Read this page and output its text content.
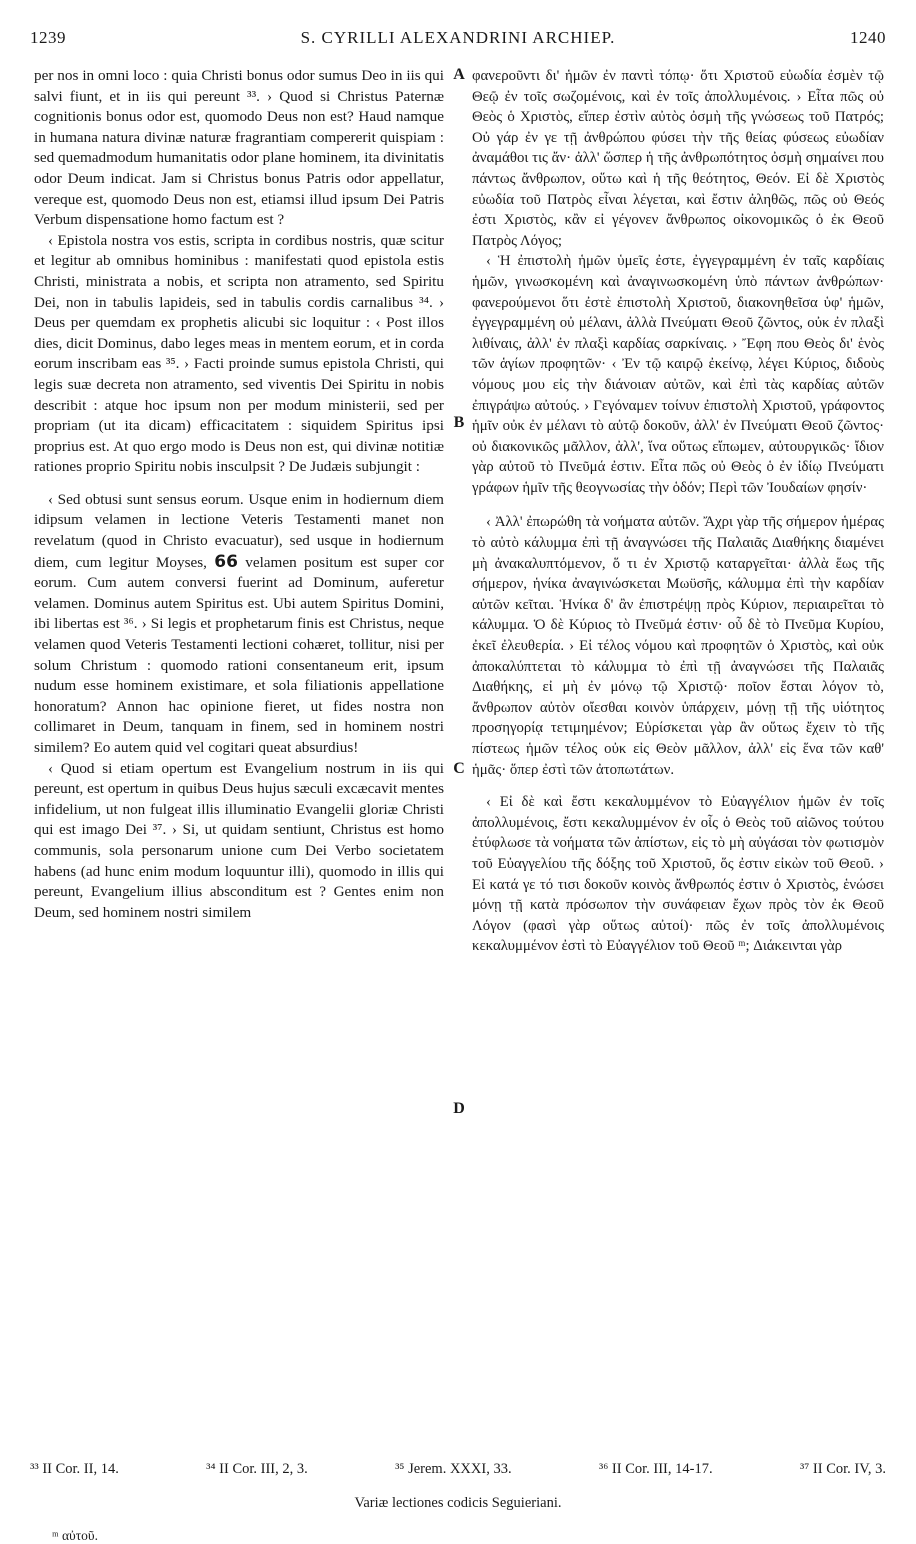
1239	S. CYRILLI ALEXANDRINI ARCHIEP.	1240

per nos in omni loco : quia Christi bonus odor sumus Deo in iis qui salvi fiunt, et in iis qui pereunt ³³. › Quod si Christus Paternæ cognitionis bonus odor est, quomodo Deus non est? Haud namque in humana natura divinæ naturæ fragrantiam compererit quispiam : sed quemadmodum humanitatis odor plane hominem, ita divinitatis odor Deum indicat. Jam si Christus bonus Patris odor appellatur, vereque est, quomodo Deus non est, etiamsi illud ipsum Dei Patris Verbum dispensatione homo factum est ?

‹ Epistola nostra vos estis, scripta in cordibus nostris, quæ scitur et legitur ab omnibus hominibus : manifestati quod epistola estis Christi, ministrata a nobis, et scripta non atramento, sed Spiritu Dei, non in tabulis lapideis, sed in tabulis cordis carnalibus ³⁴. › Deus per quemdam ex prophetis alicubi sic loquitur : ‹ Post illos dies, dicit Dominus, dabo leges meas in mentem eorum, et in corda eorum inscribam eas ³⁵. › Facti proinde sumus epistola Christi, qui legis suæ decreta non atramento, sed viventis Dei Spiritu in nobis describit : atque hoc ipsum non per modum ministerii, sed per propriam (ut ita dicam) efficacitatem : siquidem Spiritus ipsi proprius est. At quo ergo modo is Deus non est, qui divinæ notitiæ rationes proprio Spiritu nobis insculpsit ? De Judæis subjungit :

‹ Sed obtusi sunt sensus eorum. Usque enim in hodiernum diem idipsum velamen in lectione Veteris Testamenti manet non revelatum (quod in Christo evacuatur), sed usque in hodiernum diem, cum legitur Moyses, 66 velamen positum est super cor eorum. Cum autem conversi fuerint ad Dominum, auferetur velamen. Dominus autem Spiritus est. Ubi autem Spiritus Domini, ibi libertas est ³⁶. › Si legis et prophetarum finis est Christus, neque velamen quod Veteris Testamenti lectioni cohæret, tollitur, nisi per solum Christum : quomodo rationi consentaneum erit, ipsum nudum esse hominem existimare, et sola filiationis appellatione honoratum? Annon hac opinione fieret, ut fides nostra non collimaret in Deum, tanquam in finem, sed in hominem nostri similem? Eo autem quid vel cogitari queat absurdius!

‹ Quod si etiam opertum est Evangelium nostrum in iis qui pereunt, est opertum in quibus Deus hujus sæculi excæcavit mentes infidelium, ut non fulgeat illis illuminatio Evangelii gloriæ Christi qui est imago Dei ³⁷. › Si, ut quidam sentiunt, Christus est homo communis, sola personarum unione cum Dei Verbo societatem habens (ad hunc enim modum loquuntur illi), quomodo in illis qui pereunt, Evangelium illius absconditum est ? Gentes enim non Deum, sed hominem nostri similem

φανεροῦντι δι' ἡμῶν ἐν παντὶ τόπῳ· ὅτι Χριστοῦ εὐωδία ἐσμὲν τῷ Θεῷ ἐν τοῖς σωζομένοις, καὶ ἐν τοῖς ἀπολλυμένοις. › Εἶτα πῶς οὐ Θεὸς ὁ Χριστὸς, εἴπερ ἐστὶν αὐτὸς ὀσμὴ τῆς γνώσεως τοῦ Πατρός; Οὐ γάρ ἐν γε τῇ ἀνθρώπου φύσει τὴν τῆς θείας φύσεως εὐωδίαν ἀναμάθοι τις ἄν· ἀλλ' ὥσπερ ἡ τῆς ἀνθρωπότητος ὀσμὴ σημαίνει που πάντως ἄνθρωπον, οὕτω καὶ ἡ τῆς θεότητος, Θεόν. Εἰ δὲ Χριστὸς εὐωδία τοῦ Πατρὸς εἶναι λέγεται, καὶ ἔστιν ἀληθῶς, πῶς οὐ Θεός ἐστι Χριστὸς, κἂν εἰ γέγονεν ἄνθρωπος οἰκονομικῶς ὁ ἐκ Θεοῦ Πατρὸς Λόγος;

‹ Ἡ ἐπιστολὴ ἡμῶν ὑμεῖς ἐστε, ἐγγεγραμμένη ἐν ταῖς καρδίαις ἡμῶν, γινωσκομένη καὶ ἀναγινωσκομένη ὑπὸ πάντων ἀνθρώπων· φανερούμενοι ὅτι ἐστὲ ἐπιστολὴ Χριστοῦ, διακονηθεῖσα ὑφ' ἡμῶν, ἐγγεγραμμένη οὐ μέλανι, ἀλλὰ Πνεύματι Θεοῦ ζῶντος, οὐκ ἐν πλαξὶ λιθίναις, ἀλλ' ἐν πλαξὶ καρδίας σαρκίναις. › Ἔφη που Θεὸς δι' ἑνὸς τῶν ἁγίων προφητῶν· ‹ Ἐν τῷ καιρῷ ἐκείνῳ, λέγει Κύριος, διδοὺς νόμους μου εἰς τὴν διάνοιαν αὐτῶν, καὶ ἐπὶ τὰς καρδίας αὐτῶν ἐπιγράψω αὐτούς. › Γεγόναμεν τοίνυν ἐπιστολὴ Χριστοῦ, γράφοντος ἡμῖν οὐκ ἐν μέλανι τὸ αὐτῷ δοκοῦν, ἀλλ' ἐν Πνεύματι Θεοῦ ζῶντος· οὐ διακονικῶς μᾶλλον, ἀλλ', ἵνα οὕτως εἴπωμεν, αὐτουργικῶς· ἴδιον γὰρ αὐτοῦ τὸ Πνεῦμά ἐστιν. Εἶτα πῶς οὐ Θεὸς ὁ ἐν ἰδίῳ Πνεύματι γράφων ἡμῖν τῆς θεογνωσίας τὴν ὁδόν; Περὶ τῶν Ἰουδαίων φησίν·

‹ Ἀλλ' ἐπωρώθη τὰ νοήματα αὐτῶν. Ἄχρι γὰρ τῆς σήμερον ἡμέρας τὸ αὐτὸ κάλυμμα ἐπὶ τῇ ἀναγνώσει τῆς Παλαιᾶς Διαθήκης διαμένει μὴ ἀνακαλυπτόμενον, ὅ τι ἐν Χριστῷ καταργεῖται· ἀλλὰ ἕως τῆς σήμερον, ἡνίκα ἀναγινώσκεται Μωϋσῆς, κάλυμμα ἐπὶ τὴν καρδίαν αὐτῶν κεῖται. Ἡνίκα δ' ἂν ἐπιστρέψῃ πρὸς Κύριον, περιαιρεῖται τὸ κάλυμμα. Ὁ δὲ Κύριος τὸ Πνεῦμά ἐστιν· οὗ δὲ τὸ Πνεῦμα Κυρίου, ἐκεῖ ἐλευθερία. › Εἰ τέλος νόμου καὶ προφητῶν ὁ Χριστὸς, καὶ οὐκ ἀποκαλύπτεται τὸ κάλυμμα τὸ ἐπὶ τῇ ἀναγνώσει τῆς Παλαιᾶς Διαθήκης, εἰ μὴ ἐν μόνῳ τῷ Χριστῷ· ποῖον ἔσται λόγον τὸ, ἄνθρωπον αὐτὸν οἴεσθαι κοινὸν ὑπάρχειν, μόνῃ τῇ τῆς υἱότητος προσηγορίᾳ τετιμημένον; Εὑρίσκεται γὰρ ἂν οὕτως ἔχειν τὸ τῆς πίστεως ἡμῶν τέλος οὐκ εἰς Θεὸν μᾶλλον, ἀλλ' εἰς ἕνα τῶν καθ' ἡμᾶς· ὅπερ ἐστὶ τῶν ἀτοπωτάτων.

‹ Εἰ δὲ καὶ ἔστι κεκαλυμμένον τὸ Εὐαγγέλιον ἡμῶν ἐν τοῖς ἀπολλυμένοις, ἔστι κεκαλυμμένον ἐν οἷς ὁ Θεὸς τοῦ αἰῶνος τούτου ἐτύφλωσε τὰ νοήματα τῶν ἀπίστων, εἰς τὸ μὴ αὐγάσαι τὸν φωτισμὸν τοῦ Εὐαγγελίου τῆς δόξης τοῦ Χριστοῦ, ὅς ἐστιν εἰκὼν τοῦ Θεοῦ. › Εἰ κατά γε τό τισι δοκοῦν κοινὸς ἄνθρωπός ἐστιν ὁ Χριστὸς, ἑνώσει μόνῃ τῇ κατὰ πρόσωπον τὴν συνάφειαν ἔχων πρὸς τὸν ἐκ Θεοῦ Λόγον (φασὶ γὰρ οὕτως αὐτοί)· πῶς ἐν τοῖς ἀπολλυμένοις κεκαλυμμένον ἐστὶ τὸ Εὐαγγέλιον τοῦ Θεοῦ ᵐ; Διάκεινται γὰρ

A
B
C
D
³³ II Cor. II, 14.	³⁴ II Cor. III, 2, 3.	³⁵ Jerem. XXXI, 33.	³⁶ II Cor. III, 14-17.	³⁷ II Cor. IV, 3.
Variæ lectiones codicis Seguieriani.
ᵐ αὐτοῦ.
